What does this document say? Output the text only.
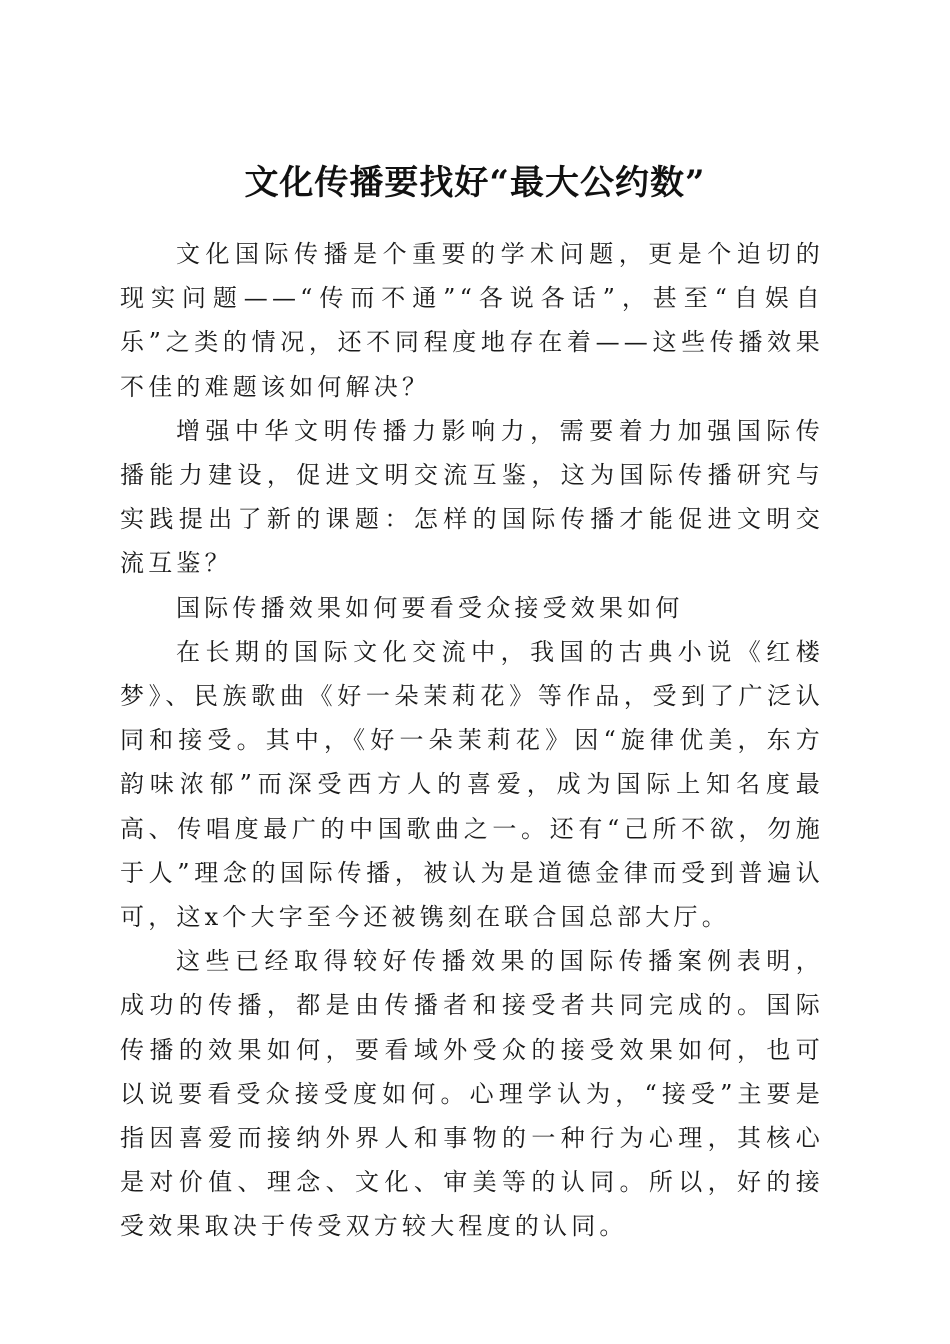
文化传播要找好“最大公约数”

文化国际传播是个重要的学术问题，更是个迫切的现实问题——“传而不通”“各说各话”，甚至“自娱自乐”之类的情况，还不同程度地存在着——这些传播效果不佳的难题该如何解决？

增强中华文明传播力影响力，需要着力加强国际传播能力建设，促进文明交流互鉴，这为国际传播研究与实践提出了新的课题：怎样的国际传播才能促进文明交流互鉴？

国际传播效果如何要看受众接受效果如何

在长期的国际文化交流中，我国的古典小说《红楼梦》、民族歌曲《好一朵茉莉花》等作品，受到了广泛认同和接受。其中，《好一朵茉莉花》因“旋律优美，东方韵味浓郁”而深受西方人的喜爱，成为国际上知名度最高、传唱度最广的中国歌曲之一。还有“己所不欲，勿施于人”理念的国际传播，被认为是道德金律而受到普遍认可，这x个大字至今还被镌刻在联合国总部大厅。

这些已经取得较好传播效果的国际传播案例表明，成功的传播，都是由传播者和接受者共同完成的。国际传播的效果如何，要看域外受众的接受效果如何，也可以说要看受众接受度如何。心理学认为，“接受”主要是指因喜爱而接纳外界人和事物的一种行为心理，其核心是对价值、理念、文化、审美等的认同。所以，好的接受效果取决于传受双方较大程度的认同。
